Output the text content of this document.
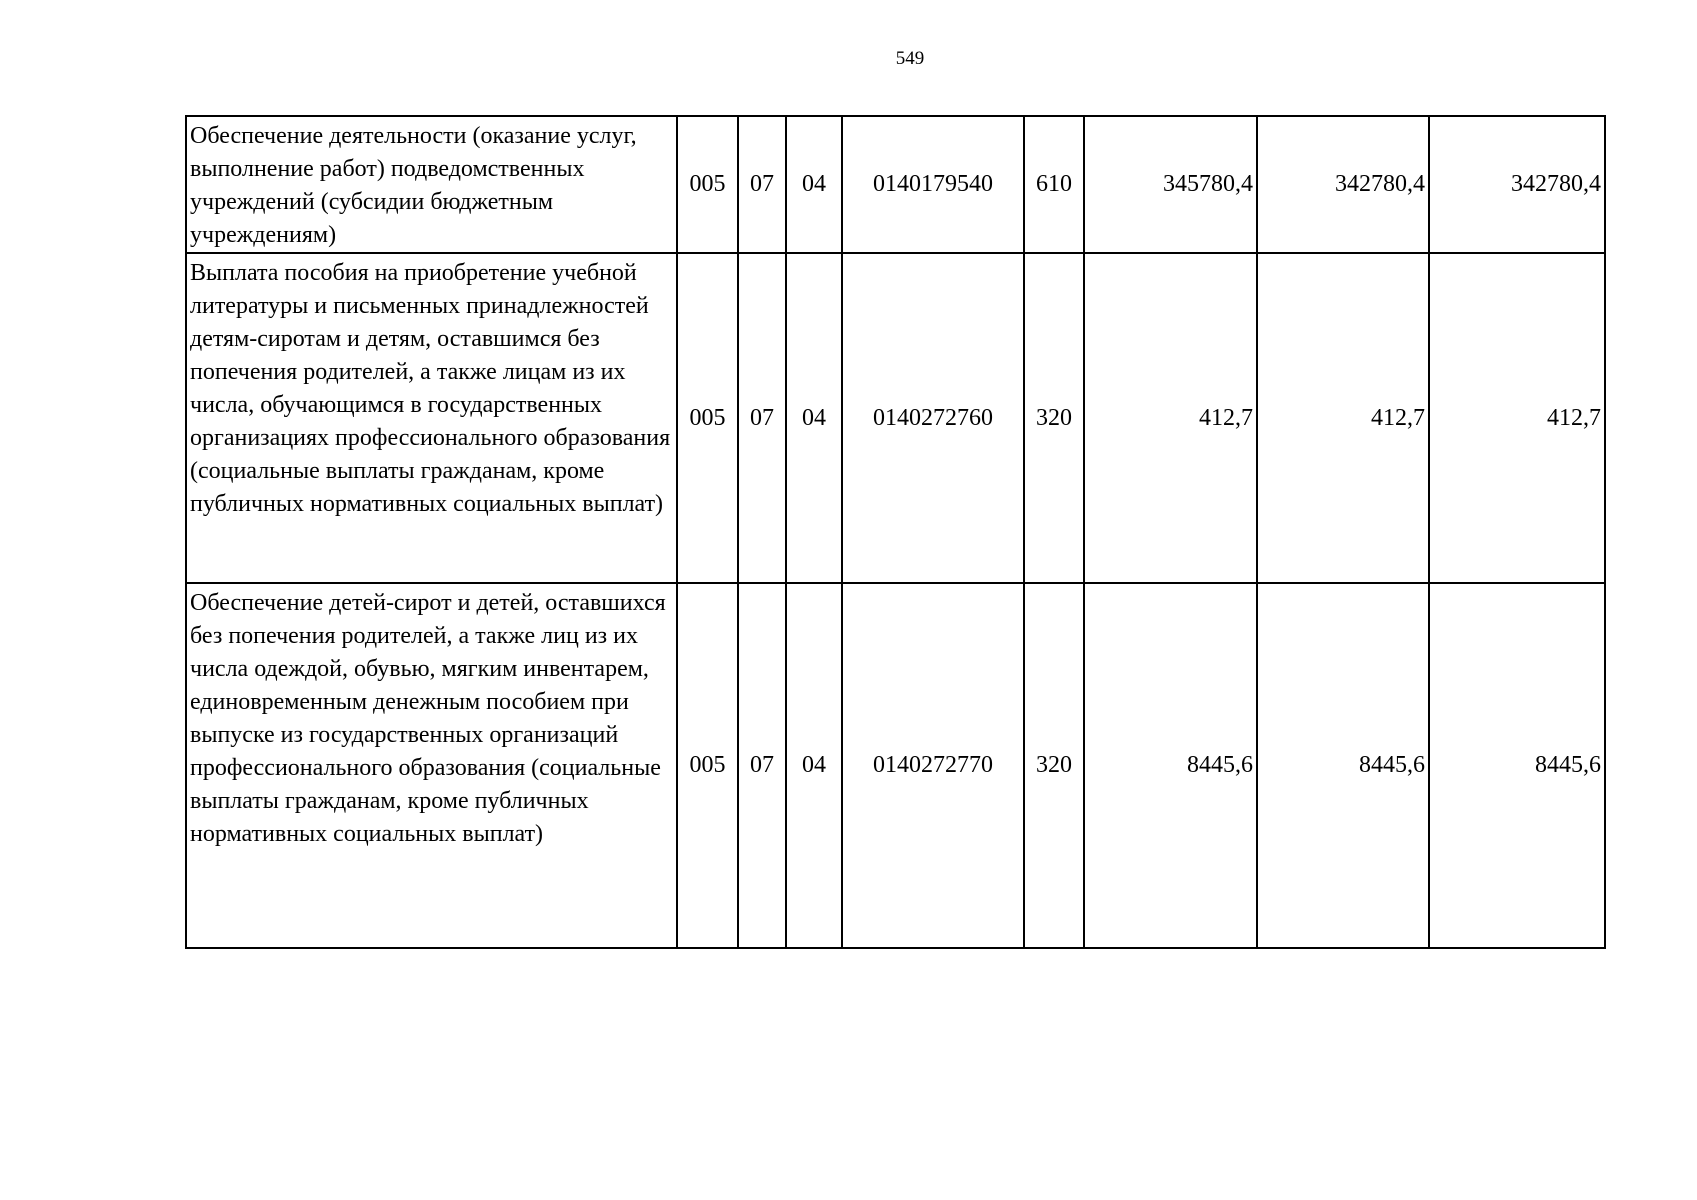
549
Обеспечение деятельности (оказание услуг, выполнение работ) подведомственных учреждений (субсидии бюджетным учреждениям)	005	07	04	0140179540	610	345780,4	342780,4	342780,4
Выплата пособия на приобретение учебной литературы и письменных принадлежностей детям-сиротам и детям, оставшимся без попечения родителей, а также лицам из их числа, обучающимся в государственных организациях профессионального образования (социальные выплаты гражданам, кроме публичных нормативных социальных выплат)	005	07	04	0140272760	320	412,7	412,7	412,7
Обеспечение детей-сирот и детей, оставшихся без попечения родителей, а также лиц из их числа одеждой, обувью, мягким инвентарем, единовременным денежным пособием при выпуске из государственных организаций профессионального образования (социальные выплаты гражданам, кроме публичных нормативных социальных выплат)	005	07	04	0140272770	320	8445,6	8445,6	8445,6
